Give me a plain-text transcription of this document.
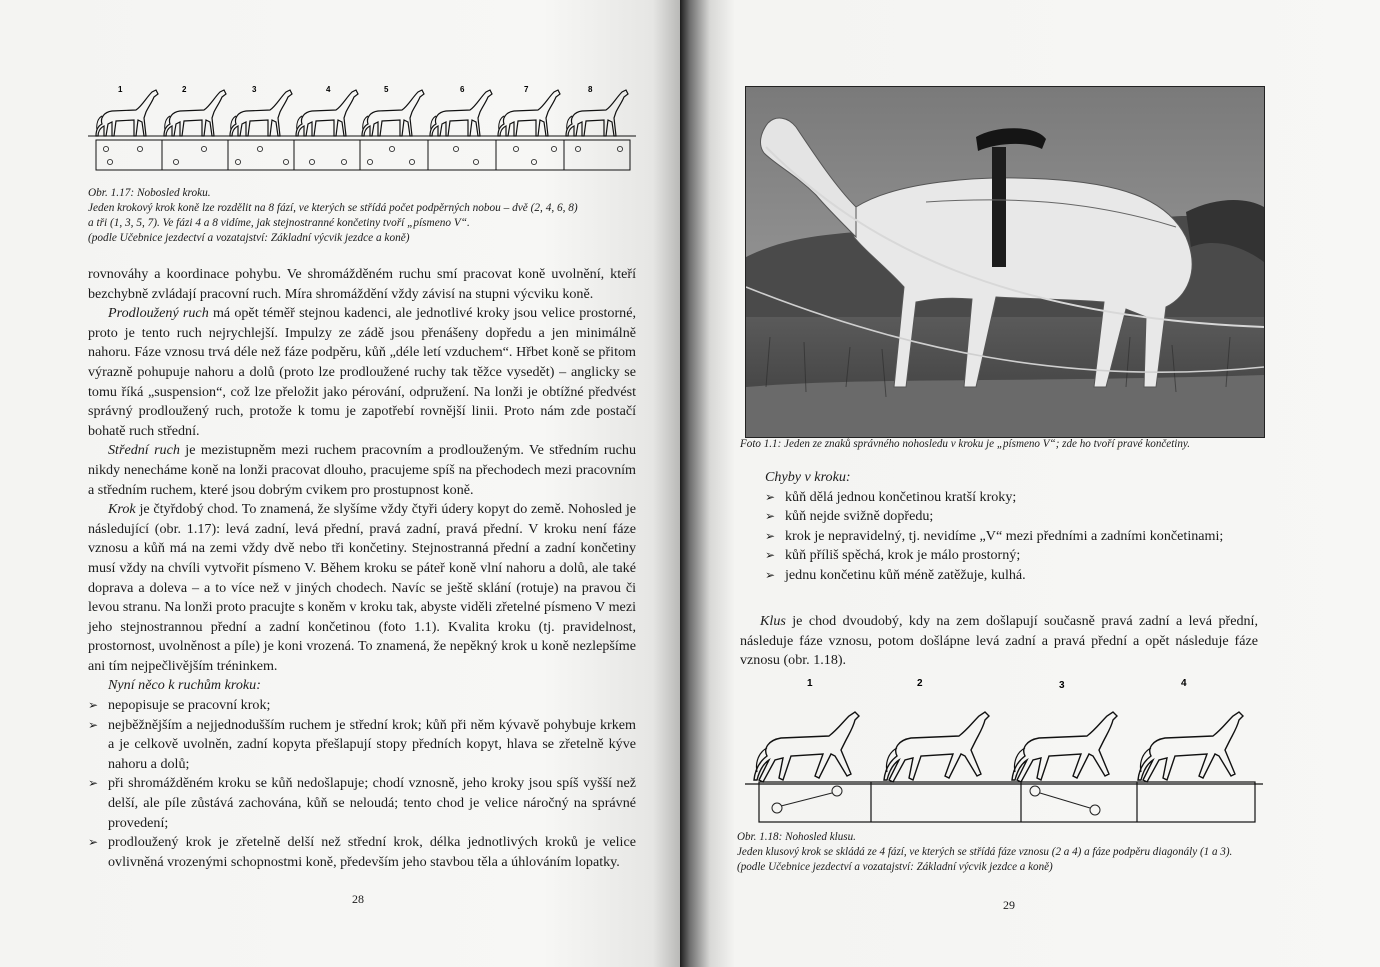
1	2	3	4	5	6	7	8
Obr. 1.17: Nobosled kroku.
Jeden krokový krok koně lze rozdělit na 8 fází, ve kterých se střídá počet podpěrných nobou – dvě (2, 4, 6, 8)
a tři (1, 3, 5, 7). Ve fázi 4 a 8 vidíme, jak stejnostranné končetiny tvoří „písmeno V“.
(podle Učebnice jezdectví a vozatajství: Základní výcvik jezdce a koně)

rovnováhy a koordinace pohybu. Ve shromážděném ruchu smí pracovat koně uvolnění, kteří bezchybně zvládají pracovní ruch. Míra shromáždění vždy závisí na stupni výcviku koně.

Prodloužený ruch má opět téměř stejnou kadenci, ale jednotlivé kroky jsou velice prostorné, proto je tento ruch nejrychlejší. Impulzy ze zádě jsou přenášeny dopředu a jen minimálně nahoru. Fáze vznosu trvá déle než fáze podpěru, kůň „déle letí vzduchem“. Hřbet koně se přitom výrazně pohupuje nahoru a dolů (proto lze prodloužené ruchy tak těžce vysedět) – anglicky se tomu říká „suspension“, což lze přeložit jako pérování, odpružení. Na lonži je obtížné předvést správný prodloužený ruch, protože k tomu je zapotřebí rovnější linii. Proto nám zde postačí bohatě ruch střední.

Střední ruch je mezistupněm mezi ruchem pracovním a prodlouženým. Ve středním ruchu nikdy nenecháme koně na lonži pracovat dlouho, pracujeme spíš na přechodech mezi pracovním a středním ruchem, které jsou dobrým cvikem pro prostupnost koně.

Krok je čtyřdobý chod. To znamená, že slyšíme vždy čtyři údery kopyt do země. Nohosled je následující (obr. 1.17): levá zadní, levá přední, pravá zadní, pravá přední. V kroku není fáze vznosu a kůň má na zemi vždy dvě nebo tři končetiny. Stejnostranná přední a zadní končetiny musí vždy na chvíli vytvořit písmeno V. Během kroku se páteř koně vlní nahoru a dolů, ale také doprava a doleva – a to více než v jiných chodech. Navíc se ještě sklání (rotuje) na pravou či levou stranu. Na lonži proto pracujte s koněm v kroku tak, abyste viděli zřetelné písmeno V mezi jeho stejnostrannou přední a zadní končetinou (foto 1.1). Kvalita kroku (tj. pravidelnost, prostornost, uvolněnost a píle) je koni vrozená. To znamená, že nepěkný krok u koně nezlepšíme ani tím nejpečlivějším tréninkem.

Nyní něco k ruchům kroku:

➢ nepopisuje se pracovní krok;
➢ nejběžnějším a nejjednodušším ruchem je střední krok; kůň při něm kývavě pohybuje krkem a je celkově uvolněn, zadní kopyta přešlapují stopy předních kopyt, hlava se zřetelně kýve nahoru a dolů;
➢ při shromážděném kroku se kůň nedošlapuje; chodí vznosně, jeho kroky jsou spíš vyšší než delší, ale píle zůstává zachována, kůň se neloudá; tento chod je velice náročný na správné provedení;
➢ prodloužený krok je zřetelně delší než střední krok, délka jednotlivých kroků je velice ovlivněná vrozenými schopnostmi koně, především jeho stavbou těla a úhlováním lopatky.
28
Foto 1.1: Jeden ze znaků správného nohosledu v kroku je „písmeno V“; zde ho tvoří pravé končetiny.

Chyby v kroku:

➢ kůň dělá jednou končetinou kratší kroky;
➢ kůň nejde svižně dopředu;
➢ krok je nepravidelný, tj. nevidíme „V“ mezi předními a zadními končetinami;
➢ kůň příliš spěchá, krok je málo prostorný;
➢ jednu končetinu kůň méně zatěžuje, kulhá.
Klus je chod dvoudobý, kdy na zem došlapují současně pravá zadní a levá přední, následuje fáze vznosu, potom došlápne levá zadní a pravá přední a opět následuje fáze vznosu (obr. 1.18).
1	2	3	4
Obr. 1.18: Nohosled klusu.
Jeden klusový krok se skládá ze 4 fází, ve kterých se střídá fáze vznosu (2 a 4) a fáze podpěru diagonály (1 a 3).
(podle Učebnice jezdectví a vozatajství: Základní výcvik jezdce a koně)
29
